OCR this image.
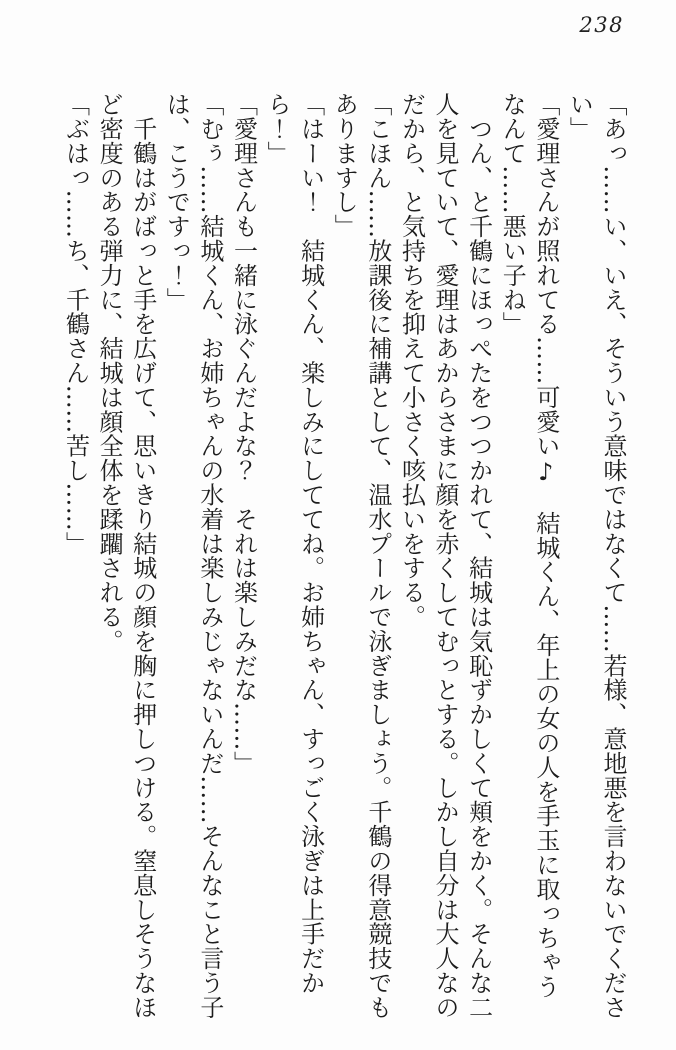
238

「あっ……い、いえ、そういう意味ではなくて……若様、意地悪を言わないでください」

「愛理さんが照れてる……可愛い♪　結城くん、年上の女の人を手玉に取っちゃうなんて……悪い子ね」

　つん、と千鶴にほっぺたをつつかれて、結城は気恥ずかしくて頬をかく。そんな二人を見ていて、愛理はあからさまに顔を赤くしてむっとする。しかし自分は大人なのだから、と気持ちを抑えて小さく咳払いをする。

「こほん……放課後に補講として、温水プールで泳ぎましょう。千鶴の得意競技でもありますし」

「はーい！　結城くん、楽しみにしててね。お姉ちゃん、すっごく泳ぎは上手だから！」

「愛理さんも一緒に泳ぐんだよな？　それは楽しみだな……」

「むぅ……結城くん、お姉ちゃんの水着は楽しみじゃないんだ……そんなこと言う子は、こうですっ！」

　千鶴はがばっと手を広げて、思いきり結城の顔を胸に押しつける。窒息しそうなほど密度のある弾力に、結城は顔全体を蹂躙される。

「ぶはっ……ち、千鶴さん……苦し……」
